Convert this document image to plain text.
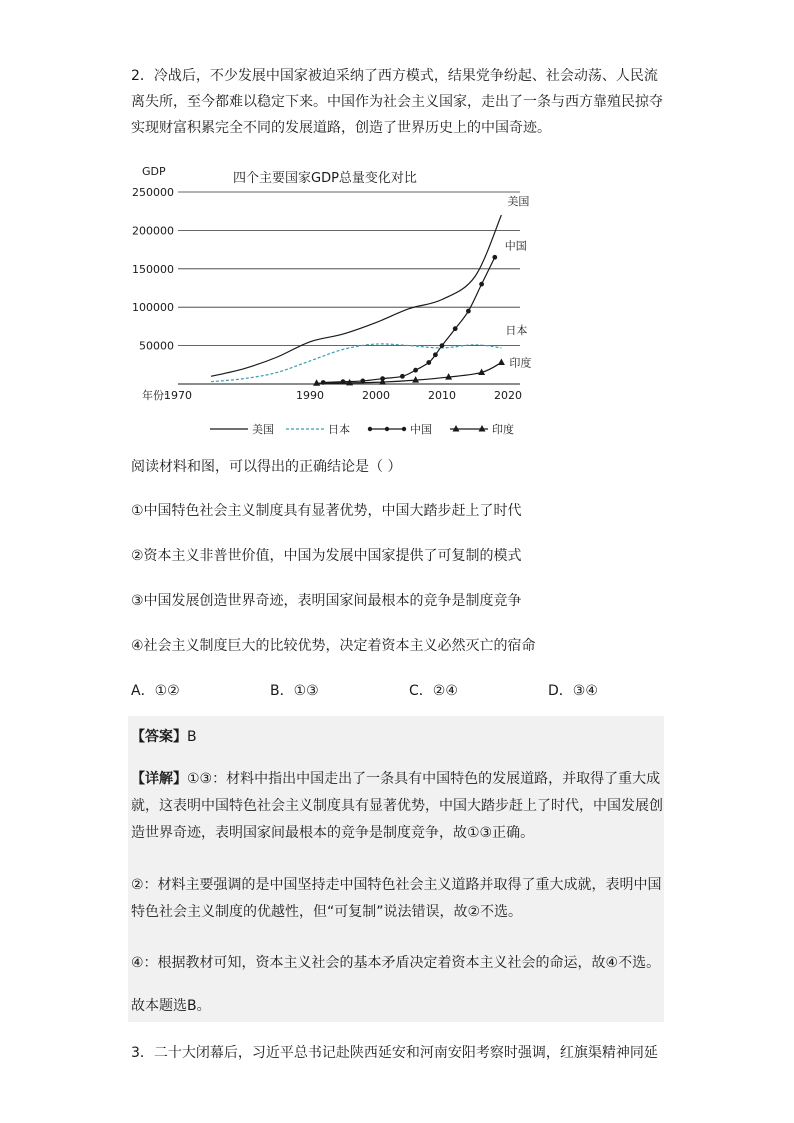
2．冷战后，不少发展中国家被迫采纳了西方模式，结果党争纷起、社会动荡、人民流离失所，至今都难以稳定下来。中国作为社会主义国家，走出了一条与西方靠殖民掠夺实现财富积累完全不同的发展道路，创造了世界历史上的中国奇迹。
GDP	四个主要国家GDP总量变化对比
50000
100000
150000
200000
250000
1970	1990	2000	2010	2020
年份:
美国
日本
中国
印度
美国	日本	中国	印度
阅读材料和图，可以得出的正确结论是（ ）
①中国特色社会主义制度具有显著优势，中国大踏步赶上了时代
②资本主义非普世价值，中国为发展中国家提供了可复制的模式
③中国发展创造世界奇迹，表明国家间最根本的竞争是制度竞争
④社会主义制度巨大的比较优势，决定着资本主义必然灭亡的宿命
A．①②	B．①③	C．②④	D．③④
【答案】B
【详解】①③：材料中指出中国走出了一条具有中国特色的发展道路，并取得了重大成就，这表明中国特色社会主义制度具有显著优势，中国大踏步赶上了时代，中国发展创造世界奇迹，表明国家间最根本的竞争是制度竞争，故①③正确。
②：材料主要强调的是中国坚持走中国特色社会主义道路并取得了重大成就，表明中国特色社会主义制度的优越性，但“可复制”说法错误，故②不选。
④：根据教材可知，资本主义社会的基本矛盾决定着资本主义社会的命运，故④不选。
故本题选B。
3．二十大闭幕后，习近平总书记赴陕西延安和河南安阳考察时强调，红旗渠精神同延
